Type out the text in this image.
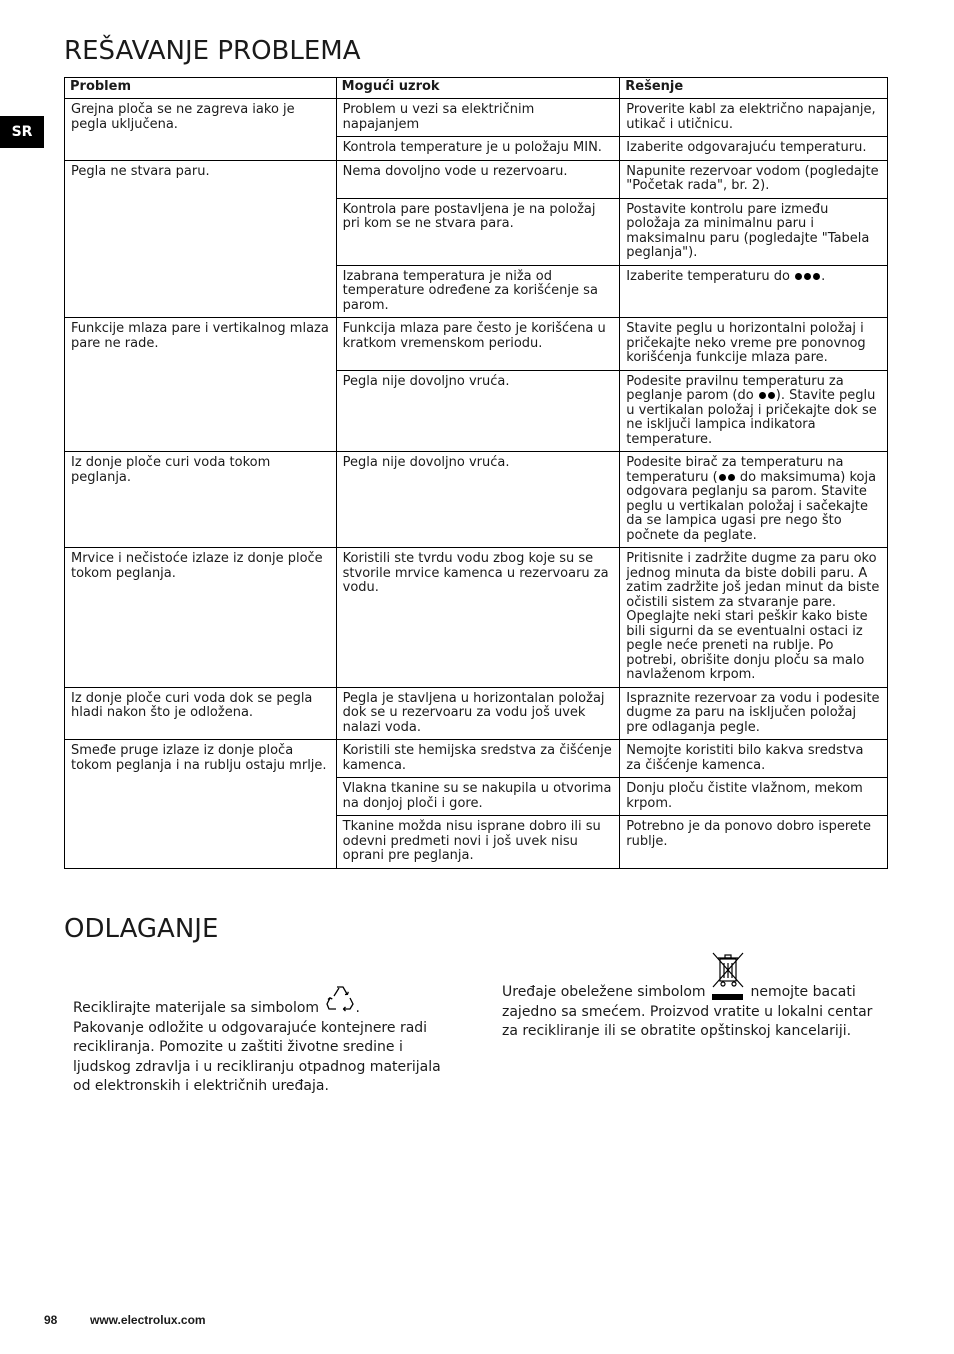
REŠAVANJE PROBLEMA
SR
Problem	Mogući uzrok	Rešenje
Grejna ploča se ne zagreva iako je pegla uključena.	Problem u vezi sa električnim napajanjem	Proverite kabl za električno napajanje, utikač i utičnicu.
	Kontrola temperature je u položaju MIN.	Izaberite odgovarajuću temperaturu.
Pegla ne stvara paru.	Nema dovoljno vode u rezervoaru.	Napunite rezervoar vodom (pogledajte "Početak rada", br. 2).
	Kontrola pare postavljena je na položaj pri kom se ne stvara para.	Postavite kontrolu pare između položaja za minimalnu paru i maksimalnu paru (pogledajte "Tabela peglanja").
	Izabrana temperatura je niža od temperature određene za korišćenje sa parom.	Izaberite temperaturu do .
Funkcije mlaza pare i vertikalnog mlaza pare ne rade.	Funkcija mlaza pare često je korišćena u kratkom vremenskom periodu.	Stavite peglu u horizontalni položaj i pričekajte neko vreme pre ponovnog korišćenja funkcije mlaza pare.
	Pegla nije dovoljno vruća.	Podesite pravilnu temperaturu za peglanje parom (do ). Stavite peglu u vertikalan položaj i pričekajte dok se ne isključi lampica indikatora temperature.
Iz donje ploče curi voda tokom peglanja.	Pegla nije dovoljno vruća.	Podesite birač za temperaturu na temperaturu ( do maksimuma) koja odgovara peglanju sa parom. Stavite peglu u vertikalan položaj i sačekajte da se lampica ugasi pre nego što počnete da peglate.
Mrvice i nečistoće izlaze iz donje ploče tokom peglanja.	Koristili ste tvrdu vodu zbog koje su se stvorile mrvice kamenca u rezervoaru za vodu.	Pritisnite i zadržite dugme za paru oko jednog minuta da biste dobili paru. A zatim zadržite još jedan minut da biste očistili sistem za stvaranje pare. Opeglajte neki stari peškir kako biste bili sigurni da se eventualni ostaci iz pegle neće preneti na rublje. Po potrebi, obrišite donju ploču sa malo navlaženom krpom.
Iz donje ploče curi voda dok se pegla hladi nakon što je odložena.	Pegla je stavljena u horizontalan položaj dok se u rezervoaru za vodu još uvek nalazi voda.	Ispraznite rezervoar za vodu i podesite dugme za paru na isključen položaj pre odlaganja pegle.
Smeđe pruge izlaze iz donje ploča tokom peglanja i na rublju ostaju mrlje.	Koristili ste hemijska sredstva za čišćenje kamenca.	Nemojte koristiti bilo kakva sredstva za čišćenje kamenca.
	Vlakna tkanine su se nakupila u otvorima na donjoj ploči i gore.	Donju ploču čistite vlažnom, mekom krpom.
	Tkanine možda nisu isprane dobro ili su odevni predmeti novi i još uvek nisu oprani pre peglanja.	Potrebno je da ponovo dobro isperete rublje.
ODLAGANJE
Reciklirajte materijale sa simbolom	.
Pakovanje odložite u odgovarajuće kontejnere radi recikliranja. Pomozite u zaštiti životne sredine i ljudskog zdravlja i u recikliranju otpadnog materijala od elektronskih i električnih uređaja.
Uređaje obeležene simbolom	nemojte bacati zajedno sa smećem. Proizvod vratite u lokalni centar za recikliranje ili se obratite opštinskoj kancelariji.
98	www.electrolux.com
